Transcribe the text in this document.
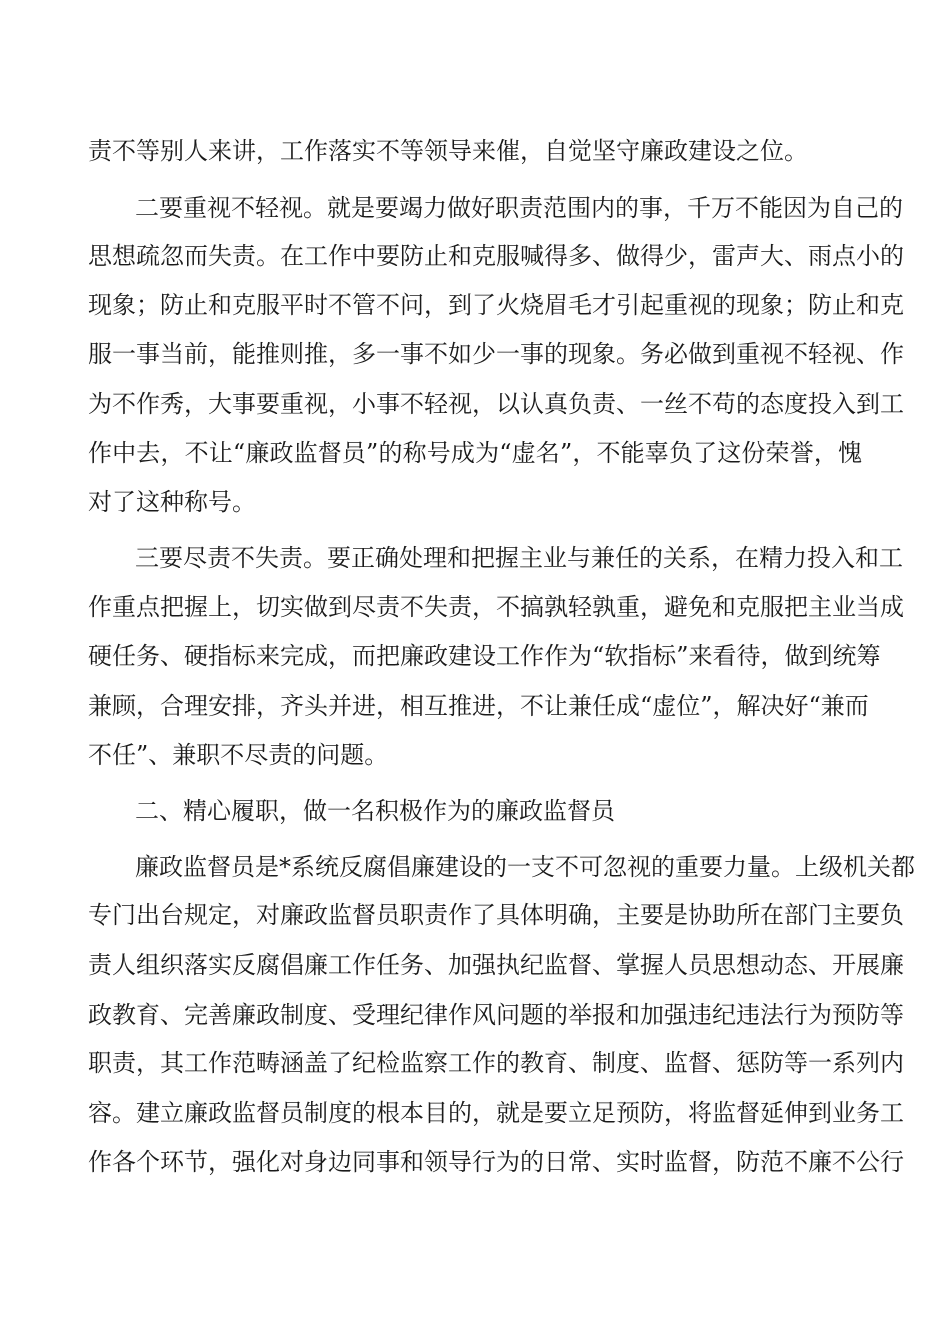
责不等别人来讲，工作落实不等领导来催，自觉坚守廉政建设之位。
二要重视不轻视。就是要竭力做好职责范围内的事，千万不能因为自己的
思想疏忽而失责。在工作中要防止和克服喊得多、做得少，雷声大、雨点小的
现象；防止和克服平时不管不问，到了火烧眉毛才引起重视的现象；防止和克
服一事当前，能推则推，多一事不如少一事的现象。务必做到重视不轻视、作
为不作秀，大事要重视，小事不轻视，以认真负责、一丝不苟的态度投入到工
作中去，不让“廉政监督员”的称号成为“虚名”，不能辜负了这份荣誉，愧
对了这种称号。
三要尽责不失责。要正确处理和把握主业与兼任的关系，在精力投入和工
作重点把握上，切实做到尽责不失责，不搞孰轻孰重，避免和克服把主业当成
硬任务、硬指标来完成，而把廉政建设工作作为“软指标”来看待，做到统筹
兼顾，合理安排，齐头并进，相互推进，不让兼任成“虚位”，解决好“兼而
不任”、兼职不尽责的问题。
二、精心履职，做一名积极作为的廉政监督员
廉政监督员是*系统反腐倡廉建设的一支不可忽视的重要力量。上级机关都
专门出台规定，对廉政监督员职责作了具体明确，主要是协助所在部门主要负
责人组织落实反腐倡廉工作任务、加强执纪监督、掌握人员思想动态、开展廉
政教育、完善廉政制度、受理纪律作风问题的举报和加强违纪违法行为预防等
职责，其工作范畴涵盖了纪检监察工作的教育、制度、监督、惩防等一系列内
容。建立廉政监督员制度的根本目的，就是要立足预防，将监督延伸到业务工
作各个环节，强化对身边同事和领导行为的日常、实时监督，防范不廉不公行
